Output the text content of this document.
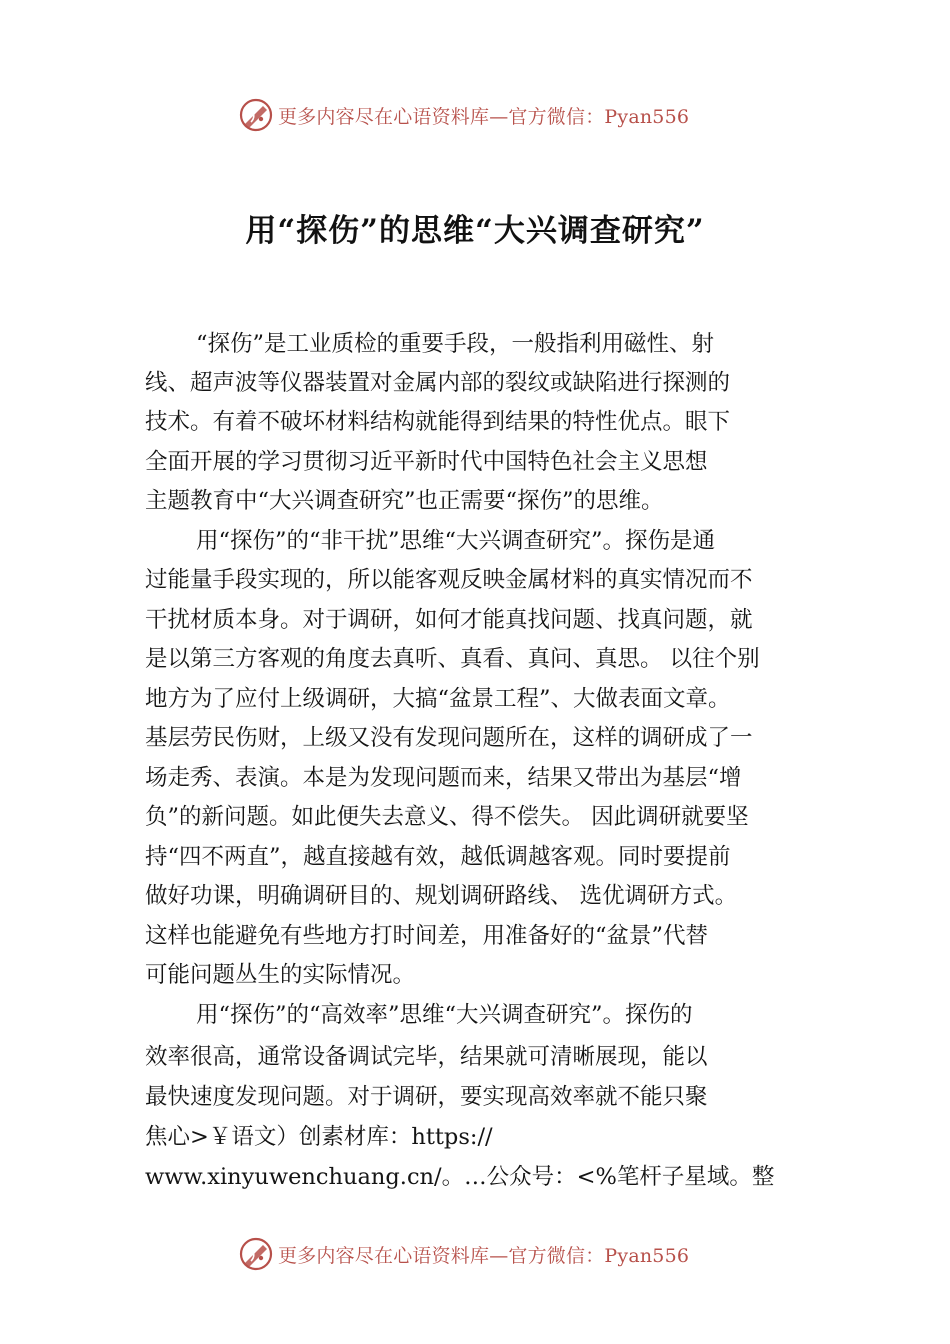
更多内容尽在心语资料库—官方微信：Pyan556
用“探伤”的思维“大兴调查研究”
“探伤”是工业质检的重要手段，一般指利用磁性、射
线、超声波等仪器装置对金属内部的裂纹或缺陷进行探测的
技术。有着不破坏材料结构就能得到结果的特性优点。眼下
全面开展的学习贯彻习近平新时代中国特色社会主义思想
主题教育中“大兴调查研究”也正需要“探伤”的思维。
用“探伤”的“非干扰”思维“大兴调查研究”。探伤是通
过能量手段实现的，所以能客观反映金属材料的真实情况而不
干扰材质本身。对于调研，如何才能真找问题、找真问题，就
是以第三方客观的角度去真听、真看、真问、真思。 以往个别
地方为了应付上级调研，大搞“盆景工程”、大做表面文章。
基层劳民伤财，上级又没有发现问题所在，这样的调研成了一
场走秀、表演。本是为发现问题而来，结果又带出为基层“增
负”的新问题。如此便失去意义、得不偿失。 因此调研就要坚
持“四不两直”，越直接越有效，越低调越客观。同时要提前
做好功课，明确调研目的、规划调研路线、 选优调研方式。
这样也能避免有些地方打时间差，用准备好的“盆景”代替
可能问题丛生的实际情况。
用“探伤”的“高效率”思维“大兴调查研究”。探伤的
效率很高，通常设备调试完毕，结果就可清晰展现，能以
最快速度发现问题。对于调研，要实现高效率就不能只聚
焦心>￥语文）创素材库：https://
www.xinyuwenchuang.cn/。…公众号：<%笔杆子星域。整
更多内容尽在心语资料库—官方微信：Pyan556
